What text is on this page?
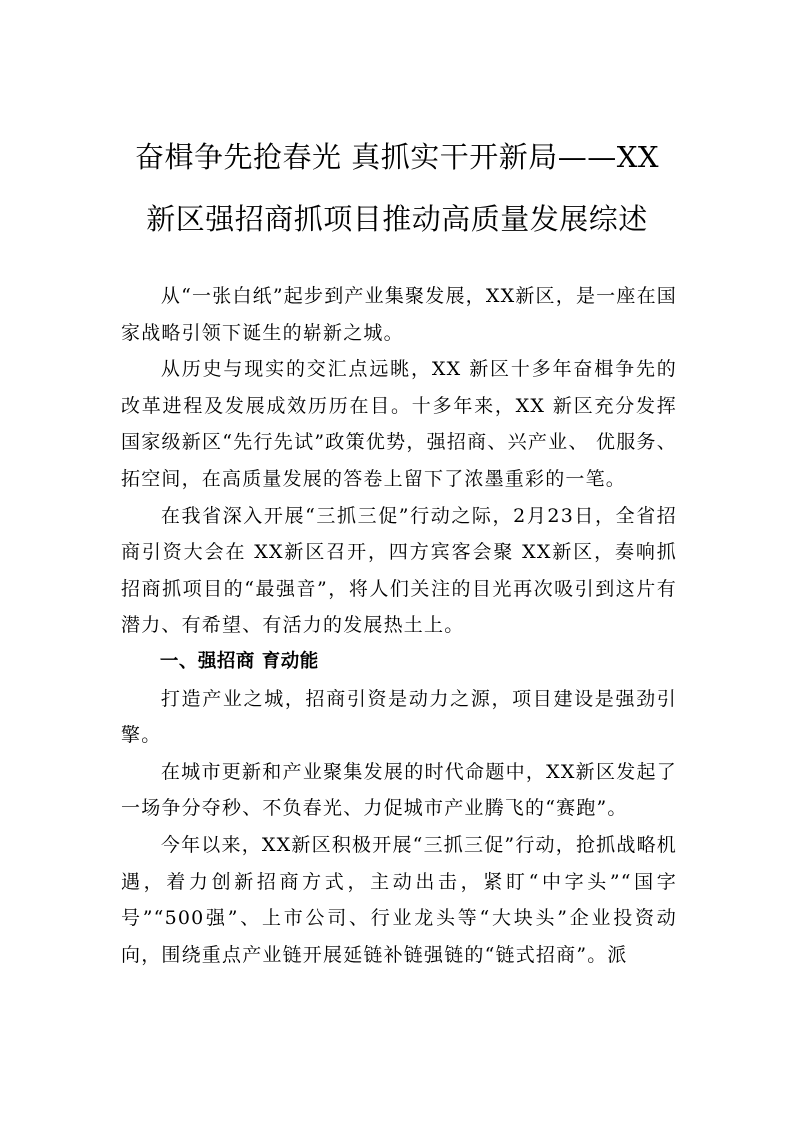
奋楫争先抢春光 真抓实干开新局——XX
新区强招商抓项目推动高质量发展综述

从“一张白纸”起步到产业集聚发展，XX新区，是一座在国家战略引领下诞生的崭新之城。

从历史与现实的交汇点远眺，XX 新区十多年奋楫争先的改革进程及发展成效历历在目。十多年来，XX 新区充分发挥国家级新区“先行先试”政策优势，强招商、兴产业、 优服务、拓空间，在高质量发展的答卷上留下了浓墨重彩的一笔。

在我省深入开展“三抓三促”行动之际，2月23日，全省招商引资大会在 XX新区召开，四方宾客会聚 XX新区，奏响抓招商抓项目的“最强音”，将人们关注的目光再次吸引到这片有潜力、有希望、有活力的发展热土上。

一、强招商 育动能

打造产业之城，招商引资是动力之源，项目建设是强劲引擎。

在城市更新和产业聚集发展的时代命题中，XX新区发起了一场争分夺秒、不负春光、力促城市产业腾飞的“赛跑”。

今年以来，XX新区积极开展“三抓三促”行动，抢抓战略机遇，着力创新招商方式，主动出击，紧盯“中字头”“国字号”“500强”、上市公司、行业龙头等“大块头”企业投资动向，围绕重点产业链开展延链补链强链的“链式招商”。派
